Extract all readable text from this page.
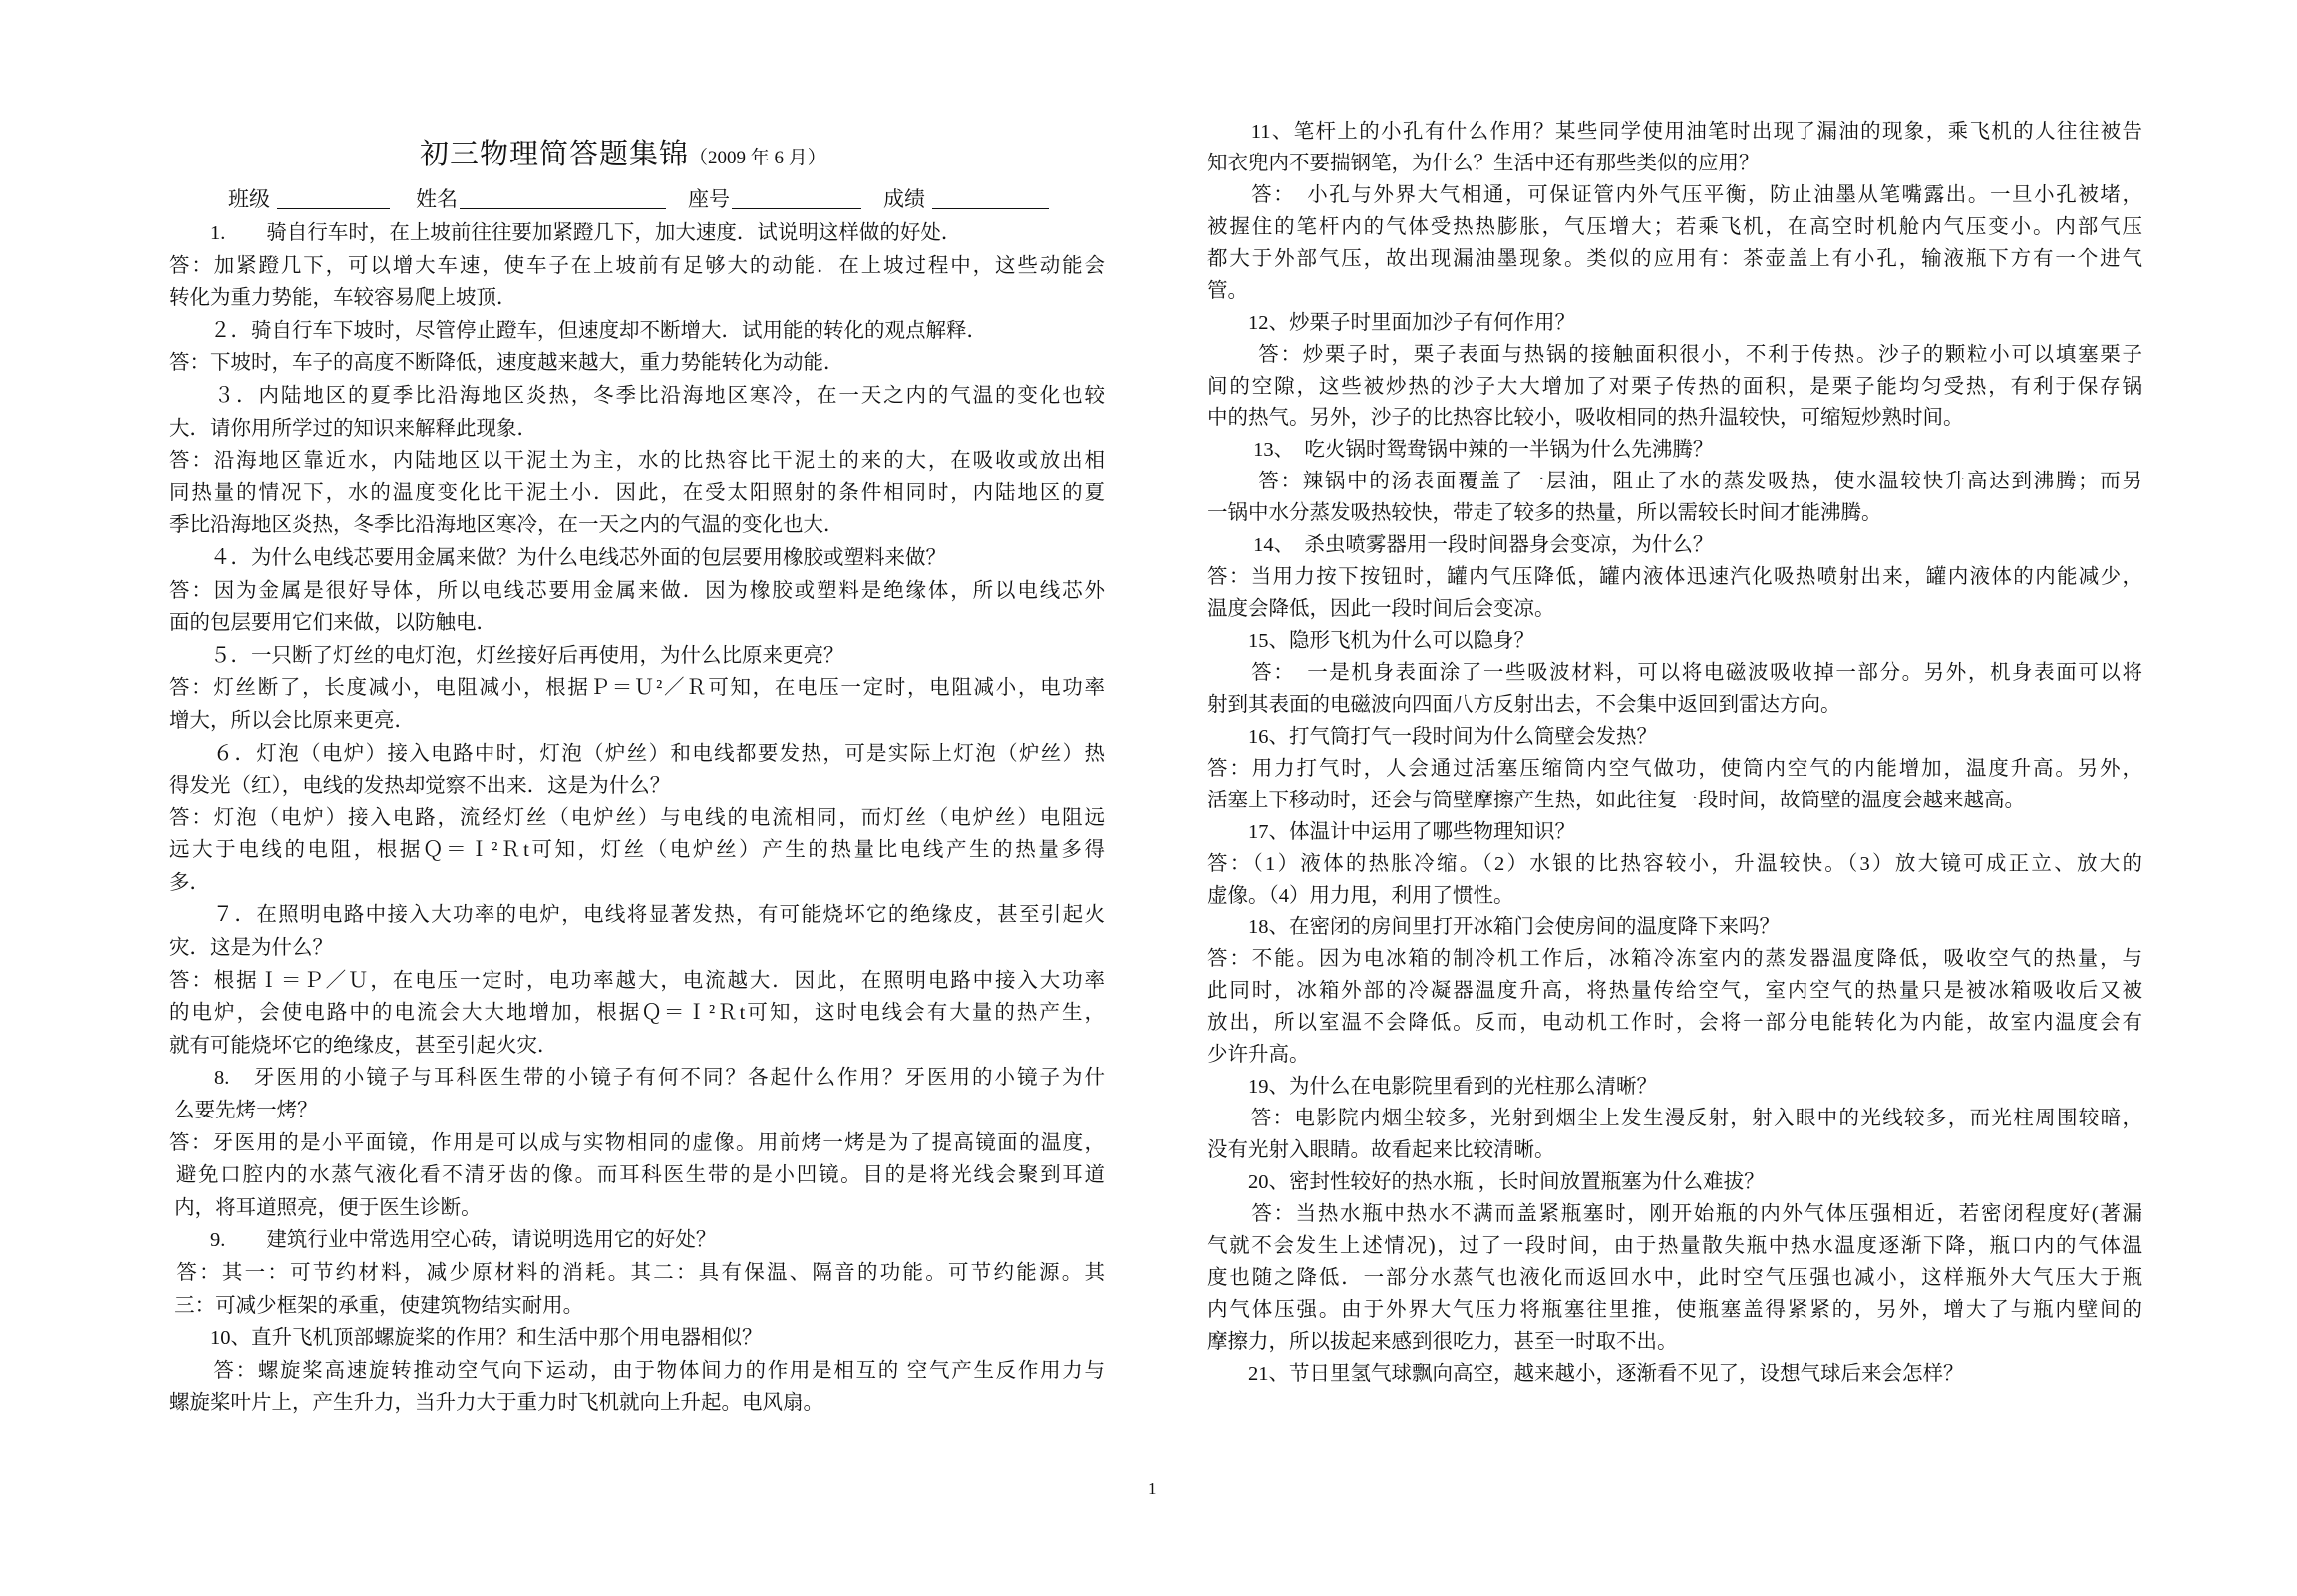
初三物理简答题集锦（2009 年 6 月）
班级	姓名	座号	成绩
　　1.　　骑自行车时，在上坡前往往要加紧蹬几下，加大速度．试说明这样做的好处．
答：加紧蹬几下，可以增大车速，使车子在上坡前有足够大的动能．在上坡过程中，这些动能会
转化为重力势能，车较容易爬上坡顶．
　　２．骑自行车下坡时，尽管停止蹬车，但速度却不断增大．试用能的转化的观点解释．
答：下坡时，车子的高度不断降低，速度越来越大，重力势能转化为动能．
　　３．内陆地区的夏季比沿海地区炎热，冬季比沿海地区寒冷，在一天之内的气温的变化也较
大．请你用所学过的知识来解释此现象．
答：沿海地区靠近水，内陆地区以干泥土为主，水的比热容比干泥土的来的大，在吸收或放出相
同热量的情况下，水的温度变化比干泥土小．因此，在受太阳照射的条件相同时，内陆地区的夏
季比沿海地区炎热，冬季比沿海地区寒冷，在一天之内的气温的变化也大．
　　４．为什么电线芯要用金属来做？为什么电线芯外面的包层要用橡胶或塑料来做？
答：因为金属是很好导体，所以电线芯要用金属来做．因为橡胶或塑料是绝缘体，所以电线芯外
面的包层要用它们来做，以防触电．
　　５．一只断了灯丝的电灯泡，灯丝接好后再使用，为什么比原来更亮？
答：灯丝断了，长度减小，电阻减小，根据Ｐ＝Ｕ²／Ｒ可知，在电压一定时，电阻减小，电功率
增大，所以会比原来更亮．
　　６．灯泡（电炉）接入电路中时，灯泡（炉丝）和电线都要发热，可是实际上灯泡（炉丝）热
得发光（红），电线的发热却觉察不出来．这是为什么？
答：灯泡（电炉）接入电路，流经灯丝（电炉丝）与电线的电流相同，而灯丝（电炉丝）电阻远
远大于电线的电阻，根据Ｑ＝Ｉ²Ｒt可知，灯丝（电炉丝）产生的热量比电线产生的热量多得
多．
　　７．在照明电路中接入大功率的电炉，电线将显著发热，有可能烧坏它的绝缘皮，甚至引起火
灾．这是为什么？
答：根据Ｉ＝Ｐ／Ｕ，在电压一定时，电功率越大，电流越大．因此，在照明电路中接入大功率
的电炉，会使电路中的电流会大大地增加，根据Ｑ＝Ｉ²Ｒt可知，这时电线会有大量的热产生，
就有可能烧坏它的绝缘皮，甚至引起火灾．
　　8.　牙医用的小镜子与耳科医生带的小镜子有何不同？各起什么作用？牙医用的小镜子为什
么要先烤一烤？
答：牙医用的是小平面镜，作用是可以成与实物相同的虚像。用前烤一烤是为了提高镜面的温度，
避免口腔内的水蒸气液化看不清牙齿的像。而耳科医生带的是小凹镜。目的是将光线会聚到耳道
内，将耳道照亮，便于医生诊断。
　　9.　　建筑行业中常选用空心砖，请说明选用它的好处？
答：其一：可节约材料，减少原材料的消耗。其二：具有保温、隔音的功能。可节约能源。其
三：可减少框架的承重，使建筑物结实耐用。
　　10、直升飞机顶部螺旋桨的作用？和生活中那个用电器相似？
　　答：螺旋桨高速旋转推动空气向下运动，由于物体间力的作用是相互的 空气产生反作用力与
螺旋桨叶片上，产生升力，当升力大于重力时飞机就向上升起。电风扇。
　　11、笔杆上的小孔有什么作用？某些同学使用油笔时出现了漏油的现象，乘飞机的人往往被告
知衣兜内不要揣钢笔，为什么？生活中还有那些类似的应用？
　　答：　小孔与外界大气相通，可保证管内外气压平衡，防止油墨从笔嘴露出。一旦小孔被堵，
被握住的笔杆内的气体受热热膨胀，气压增大；若乘飞机，在高空时机舱内气压变小。内部气压
都大于外部气压，故出现漏油墨现象。类似的应用有：茶壶盖上有小孔，输液瓶下方有一个进气
管。
　　12、炒栗子时里面加沙子有何作用？
　　 答：炒栗子时，栗子表面与热锅的接触面积很小，不利于传热。沙子的颗粒小可以填塞栗子
间的空隙，这些被炒热的沙子大大增加了对栗子传热的面积，是栗子能均匀受热，有利于保存锅
中的热气。另外，沙子的比热容比较小，吸收相同的热升温较快，可缩短炒熟时间。
　　 13、　吃火锅时鸳鸯锅中辣的一半锅为什么先沸腾？
　　 答：辣锅中的汤表面覆盖了一层油，阻止了水的蒸发吸热，使水温较快升高达到沸腾；而另
一锅中水分蒸发吸热较快，带走了较多的热量，所以需较长时间才能沸腾。
　　 14、　杀虫喷雾器用一段时间器身会变凉，为什么？
答：当用力按下按钮时，罐内气压降低，罐内液体迅速汽化吸热喷射出来，罐内液体的内能减少，
温度会降低，因此一段时间后会变凉。
　　15、隐形飞机为什么可以隐身？
　　答：　一是机身表面涂了一些吸波材料，可以将电磁波吸收掉一部分。另外，机身表面可以将
射到其表面的电磁波向四面八方反射出去，不会集中返回到雷达方向。
　　16、打气筒打气一段时间为什么筒壁会发热？
答：用力打气时，人会通过活塞压缩筒内空气做功，使筒内空气的内能增加，温度升高。另外，
活塞上下移动时，还会与筒壁摩擦产生热，如此往复一段时间，故筒壁的温度会越来越高。
　　17、体温计中运用了哪些物理知识？
答：（1）液体的热胀冷缩。（2）水银的比热容较小，升温较快。（3）放大镜可成正立、放大的
虚像。（4）用力甩，利用了惯性。
　　18、在密闭的房间里打开冰箱门会使房间的温度降下来吗？
答：不能。因为电冰箱的制冷机工作后，冰箱冷冻室内的蒸发器温度降低，吸收空气的热量，与
此同时，冰箱外部的冷凝器温度升高，将热量传给空气，室内空气的热量只是被冰箱吸收后又被
放出，所以室温不会降低。反而，电动机工作时，会将一部分电能转化为内能，故室内温度会有
少许升高。
　　19、为什么在电影院里看到的光柱那么清晰？
　　答：电影院内烟尘较多，光射到烟尘上发生漫反射，射入眼中的光线较多，而光柱周围较暗，
没有光射入眼睛。故看起来比较清晰。
　　20、密封性较好的热水瓶 ，长时间放置瓶塞为什么难拔？
　　答：当热水瓶中热水不满而盖紧瓶塞时，刚开始瓶的内外气体压强相近，若密闭程度好(著漏
气就不会发生上述情况)，过了一段时间，由于热量散失瓶中热水温度逐渐下降，瓶口内的气体温
度也随之降低．一部分水蒸气也液化而返回水中，此时空气压强也减小，这样瓶外大气压大于瓶
内气体压强。由于外界大气压力将瓶塞往里推，使瓶塞盖得紧紧的，另外，增大了与瓶内壁间的
摩擦力，所以拔起来感到很吃力，甚至一时取不出。
　　21、节日里氢气球飘向高空，越来越小，逐渐看不见了，设想气球后来会怎样？
1
